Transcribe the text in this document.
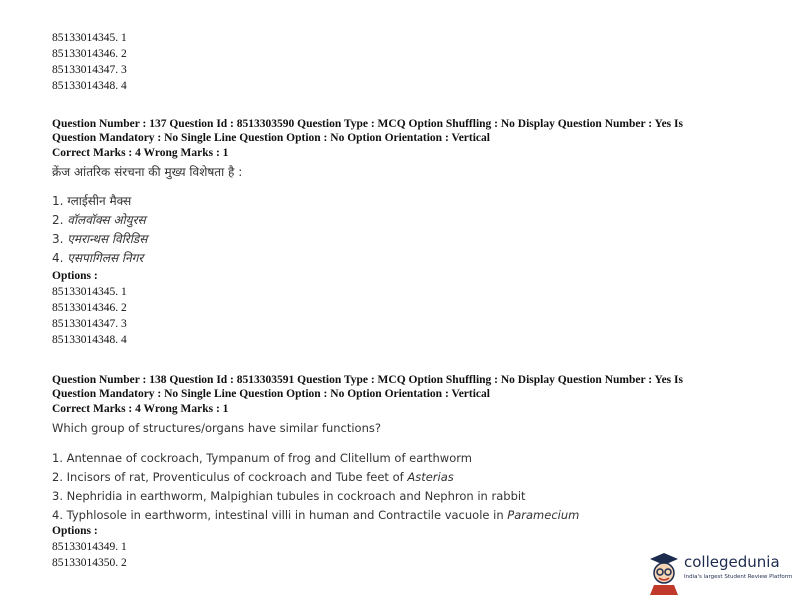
85133014345. 1
85133014346. 2
85133014347. 3
85133014348. 4
Question Number : 137 Question Id : 8513303590 Question Type : MCQ Option Shuffling : No Display Question Number : Yes Is
Question Mandatory : No Single Line Question Option : No Option Orientation : Vertical
Correct Marks : 4 Wrong Marks : 1
क्रेंज आंतरिक संरचना की मुख्य विशेषता है :
1. ग्लाईसीन मैक्स
2. वॉलवॉक्स ओयुरस
3. एमरान्थस विरिडिस
4. एसपागिलस निगर
Options :
85133014345. 1
85133014346. 2
85133014347. 3
85133014348. 4
Question Number : 138 Question Id : 8513303591 Question Type : MCQ Option Shuffling : No Display Question Number : Yes Is
Question Mandatory : No Single Line Question Option : No Option Orientation : Vertical
Correct Marks : 4 Wrong Marks : 1
Which group of structures/organs have similar functions?
1. Antennae of cockroach, Tympanum of frog and Clitellum of earthworm
2. Incisors of rat, Proventiculus of cockroach and Tube feet of Asterias
3. Nephridia in earthworm, Malpighian tubules in cockroach and Nephron in rabbit
4. Typhlosole in earthworm, intestinal villi in human and Contractile vacuole in Paramecium
Options :
85133014349. 1
85133014350. 2	collegedunia
India's largest Student Review Platform
